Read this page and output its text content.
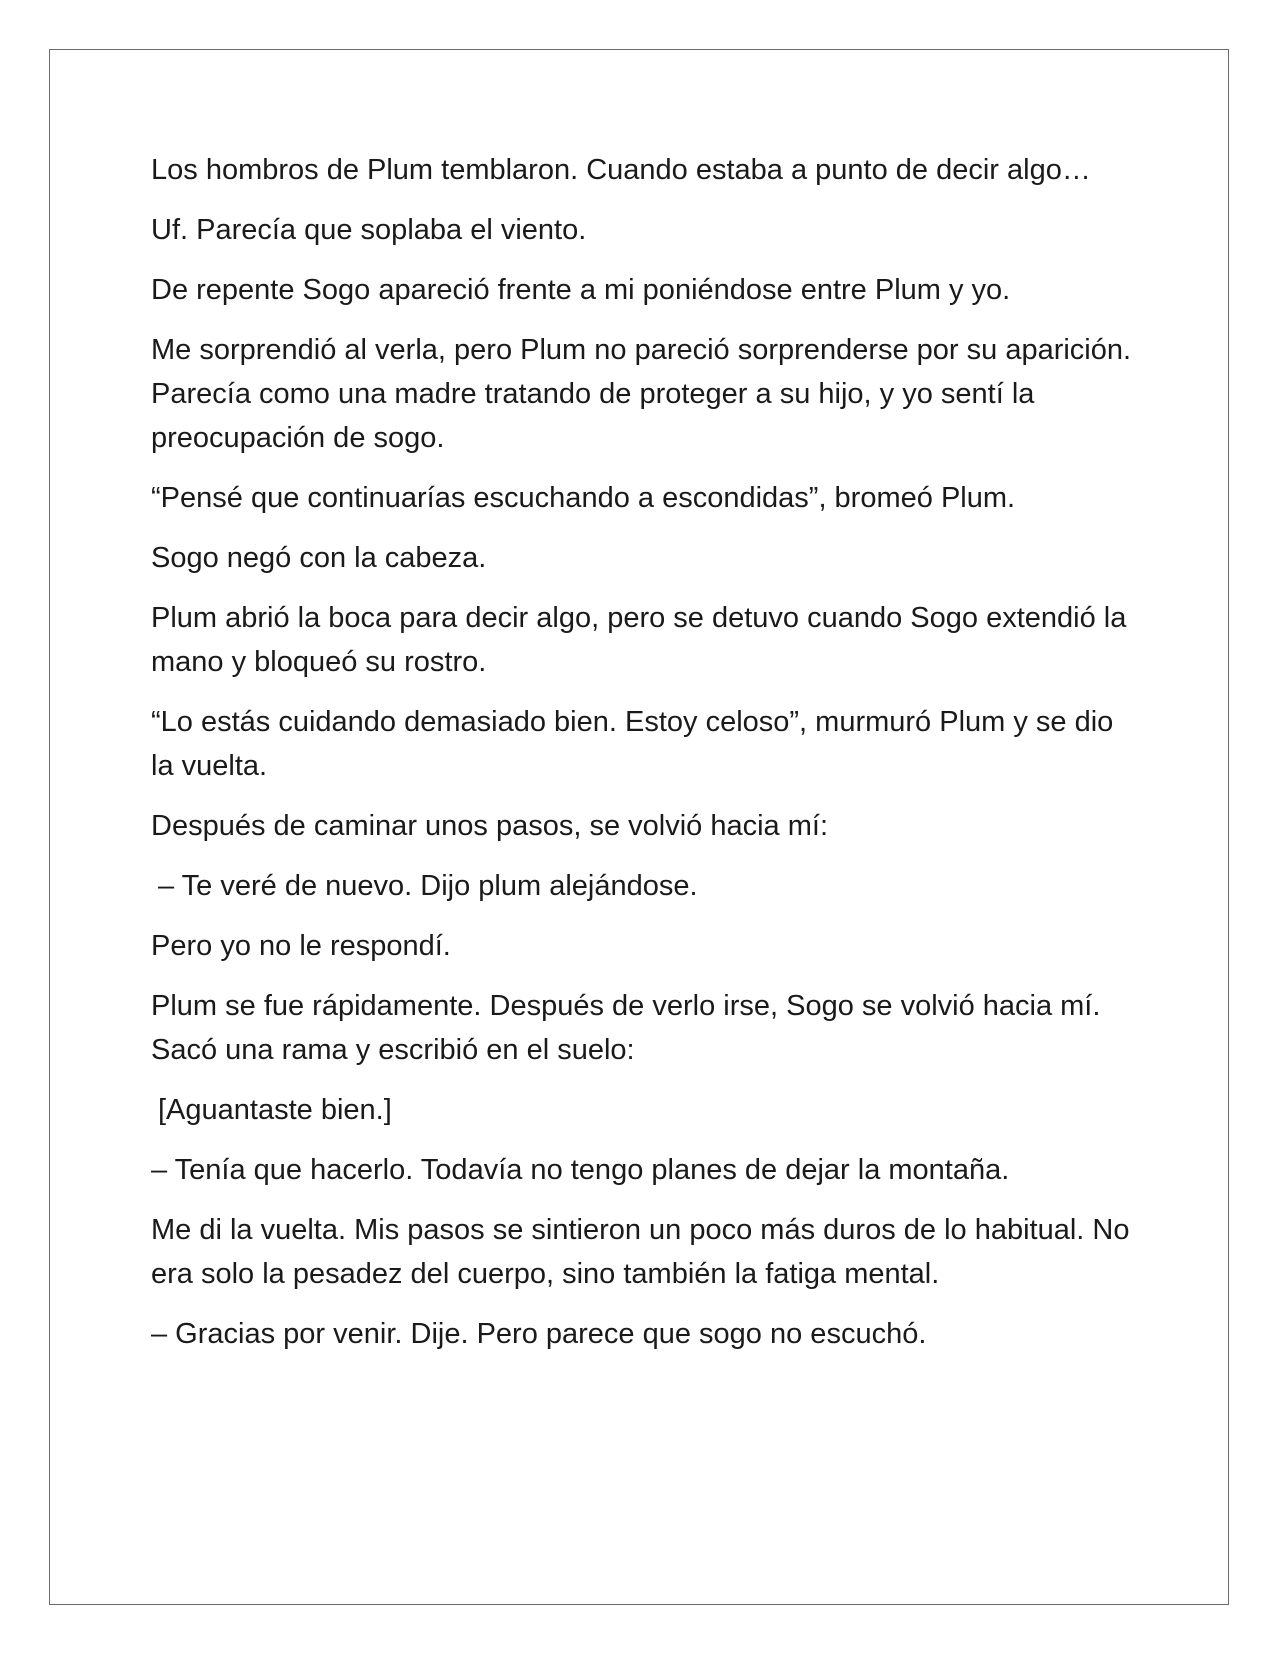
Los hombros de Plum temblaron. Cuando estaba a punto de decir algo…

Uf. Parecía que soplaba el viento.

De repente Sogo apareció frente a mi poniéndose entre Plum y yo.

Me sorprendió al verla, pero Plum no pareció sorprenderse por su aparición. Parecía como una madre tratando de proteger a su hijo, y yo sentí la preocupación de sogo.

“Pensé que continuarías escuchando a escondidas”, bromeó Plum.

Sogo negó con la cabeza.

Plum abrió la boca para decir algo, pero se detuvo cuando Sogo extendió la mano y bloqueó su rostro.

“Lo estás cuidando demasiado bien. Estoy celoso”, murmuró Plum y se dio la vuelta.

Después de caminar unos pasos, se volvió hacia mí:

– Te veré de nuevo. Dijo plum alejándose.

Pero yo no le respondí.

Plum se fue rápidamente. Después de verlo irse, Sogo se volvió hacia mí. Sacó una rama y escribió en el suelo:

[Aguantaste bien.]

– Tenía que hacerlo. Todavía no tengo planes de dejar la montaña.

Me di la vuelta. Mis pasos se sintieron un poco más duros de lo habitual. No era solo la pesadez del cuerpo, sino también la fatiga mental.

– Gracias por venir. Dije. Pero parece que sogo no escuchó.
